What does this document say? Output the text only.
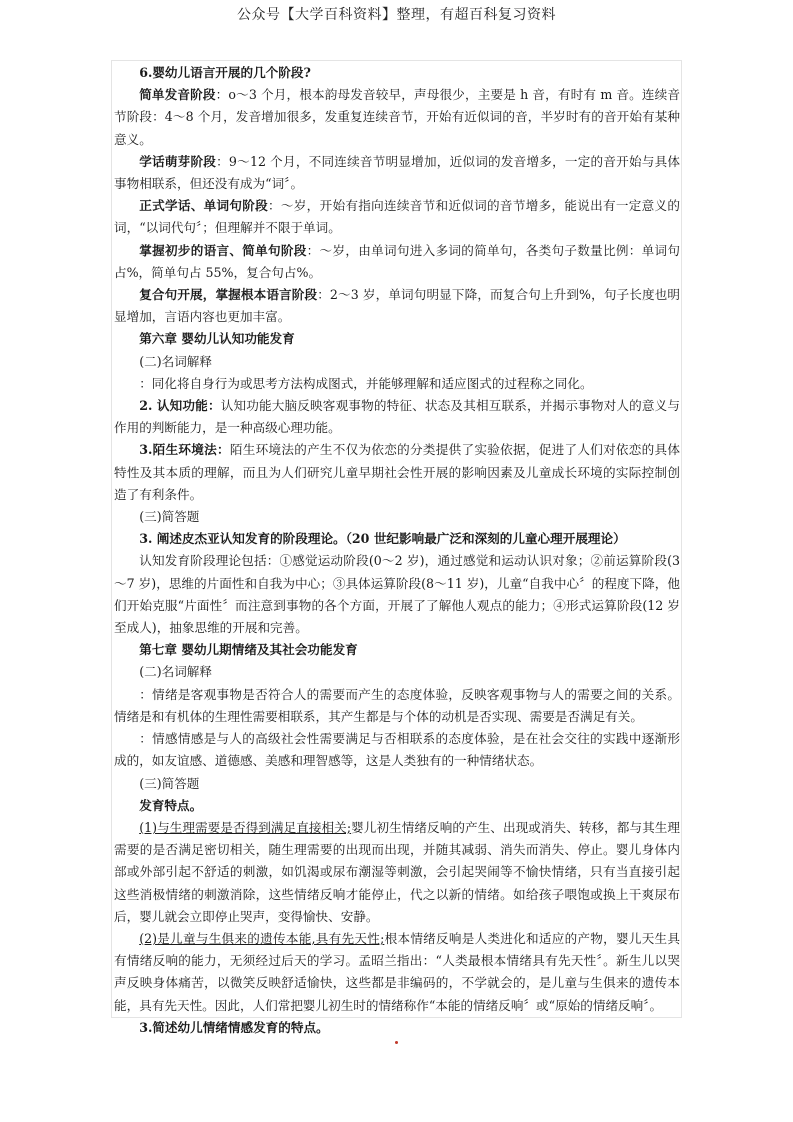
公众号【大学百科资料】整理，有超百科复习资料

6.婴幼儿语言开展的几个阶段?

简单发音阶段：o～3 个月，根本韵母发音较早，声母很少，主要是 h 音，有时有 m 音。连续音节阶段：4～8 个月，发音增加很多，发重复连续音节，开始有近似词的音，半岁时有的音开始有某种意义。

学话萌芽阶段：9～12 个月，不同连续音节明显增加，近似词的发音增多，一定的音开始与具体事物相联系，但还没有成为“词〞。

正式学话、单词句阶段：～岁，开始有指向连续音节和近似词的音节增多，能说出有一定意义的词，“以词代句〞；但理解并不限于单词。

掌握初步的语言、简单句阶段：～岁，由单词句进入多词的简单句，各类句子数量比例：单词句占%，简单句占 55%，复合句占%。

复合句开展，掌握根本语言阶段：2～3 岁，单词句明显下降，而复合句上升到%，句子长度也明显增加，言语内容也更加丰富。

第六章 婴幼儿认知功能发育

(二)名词解释

：同化将自身行为或思考方法构成图式，并能够理解和适应图式的过程称之同化。

2. 认知功能：认知功能大脑反映客观事物的特征、状态及其相互联系，并揭示事物对人的意义与作用的判断能力，是一种高级心理功能。

3.陌生环境法：陌生环境法的产生不仅为依恋的分类提供了实验依据，促进了人们对依恋的具体特性及其本质的理解，而且为人们研究儿童早期社会性开展的影响因素及儿童成长环境的实际控制创造了有利条件。

(三)简答题

3. 阐述皮杰亚认知发育的阶段理论。（20 世纪影响最广泛和深刻的儿童心理开展理论）

认知发育阶段理论包括：①感觉运动阶段(0～2 岁)，通过感觉和运动认识对象；②前运算阶段(3～7 岁)，思维的片面性和自我为中心；③具体运算阶段(8～11 岁)，儿童“自我中心〞的程度下降，他们开始克服“片面性〞而注意到事物的各个方面，开展了了解他人观点的能力；④形式运算阶段(12 岁至成人)，抽象思维的开展和完善。

第七章 婴幼儿期情绪及其社会功能发育

(二)名词解释

：情绪是客观事物是否符合人的需要而产生的态度体验，反映客观事物与人的需要之间的关系。情绪是和有机体的生理性需要相联系，其产生都是与个体的动机是否实现、需要是否满足有关。

：情感情感是与人的高级社会性需要满足与否相联系的态度体验，是在社会交往的实践中逐渐形成的，如友谊感、道德感、美感和理智感等，这是人类独有的一种情绪状态。

(三)简答题

发育特点。

(1)与生理需要是否得到满足直接相关;婴儿初生情绪反响的产生、出现或消失、转移，都与其生理需要的是否满足密切相关，随生理需要的出现而出现，并随其减弱、消失而消失、停止。婴儿身体内部或外部引起不舒适的刺激，如饥渴或尿布潮湿等刺激，会引起哭闹等不愉快情绪，只有当直接引起这些消极情绪的刺激消除，这些情绪反响才能停止，代之以新的情绪。如给孩子喂饱或换上干爽尿布后，婴儿就会立即停止哭声，变得愉快、安静。

(2)是儿童与生俱来的遗传本能,具有先天性;根本情绪反响是人类进化和适应的产物，婴儿天生具有情绪反响的能力，无须经过后天的学习。孟昭兰指出：“人类最根本情绪具有先天性〞。新生儿以哭声反映身体痛苦，以微笑反映舒适愉快，这些都是非编码的，不学就会的，是儿童与生俱来的遗传本能，具有先天性。因此，人们常把婴儿初生时的情绪称作“本能的情绪反响〞或“原始的情绪反响〞。

3.简述幼儿情绪情感发育的特点。
